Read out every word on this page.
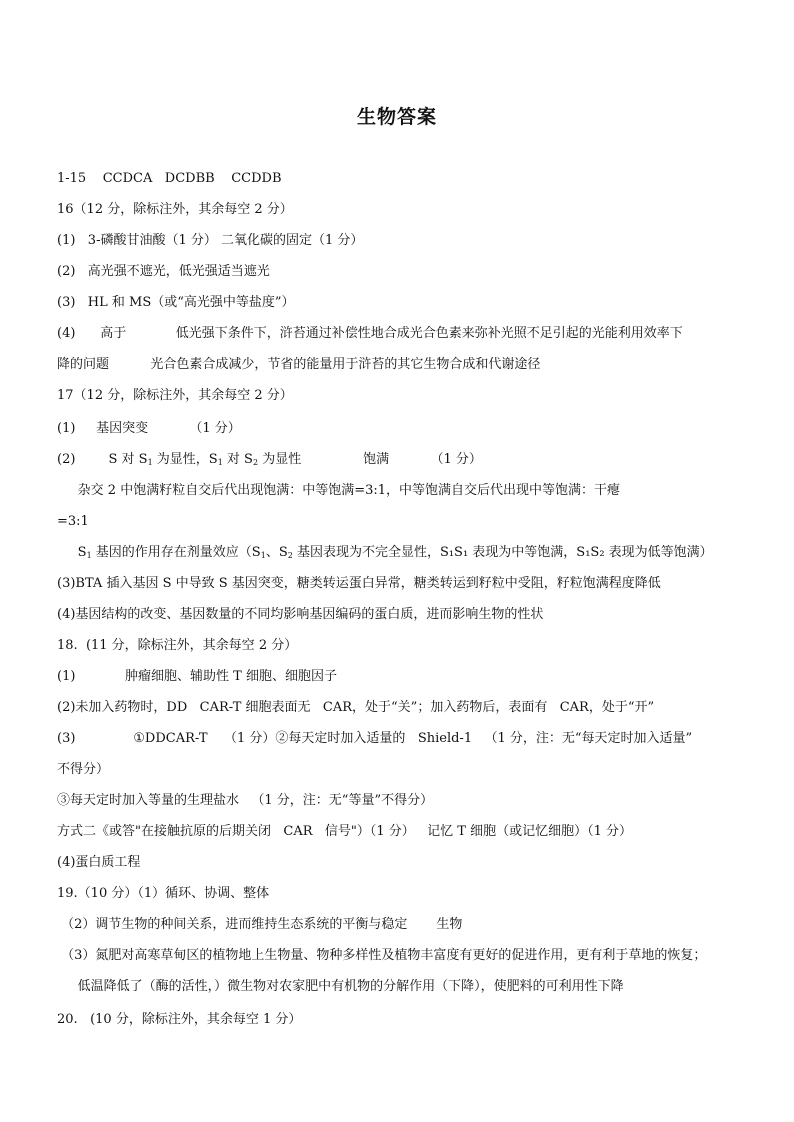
生物答案
1-15    CCDCA   DCDBB    CCDDB
16（12 分，除标注外，其余每空 2 分）
(1)   3-磷酸甘油酸（1 分） 二氧化碳的固定（1 分）
(2)   高光强不遮光，低光强适当遮光
(3)   HL 和 MS（或“高光强中等盐度”）
(4)      高于            低光强下条件下，浒苔通过补偿性地合成光合色素来弥补光照不足引起的光能利用效率下
降的问题          光合色素合成减少，节省的能量用于浒苔的其它生物合成和代谢途径
17（12 分，除标注外，其余每空 2 分）
(1)     基因突变          （1 分）
(2)        S 对 $S_1$ 为显性，$S_1$ 对 $S_2$ 为显性               饱满          （1 分）
杂交 2 中饱满籽粒自交后代出现饱满：中等饱满=3:1，中等饱满自交后代出现中等饱满：干瘪
=3:1
$S_1$ 基因的作用存在剂量效应（$S_1$、$S_2$ 基因表现为不完全显性，S₁S₁ 表现为中等饱满，S₁S₂ 表现为低等饱满）
(3)BTA 插入基因 S 中导致 S 基因突变，糖类转运蛋白异常，糖类转运到籽粒中受阻，籽粒饱满程度降低
(4)基因结构的改变、基因数量的不同均影响基因编码的蛋白质，进而影响生物的性状
18.  (11 分，除标注外，其余每空 2 分）
(1)            肿瘤细胞、辅助性 T 细胞、细胞因子
(2)未加入药物时，DD   CAR-T 细胞表面无   CAR，处于“关”；加入药物后，表面有   CAR，处于“开”
(3)              ①DDCAR-T    （1 分）②每天定时加入适量的   Shield-1   （1 分，注：无“每天定时加入适量”
不得分）
③每天定时加入等量的生理盐水   （1 分，注：无“等量”不得分）
方式二《或答"在接触抗原的后期关闭   CAR   信号"）（1 分）   记忆 T 细胞（或记忆细胞）（1 分）
(4)蛋白质工程
19.（10 分）（1）循环、协调、整体
（2）调节生物的种间关系，进而维持生态系统的平衡与稳定       生物
（3）氮肥对高寒草甸区的植物地上生物量、物种多样性及植物丰富度有更好的促进作用，更有利于草地的恢复；
低温降低了（酶的活性，）微生物对农家肥中有机物的分解作用（下降），使肥料的可利用性下降
20.   (10 分，除标注外，其余每空 1 分）
